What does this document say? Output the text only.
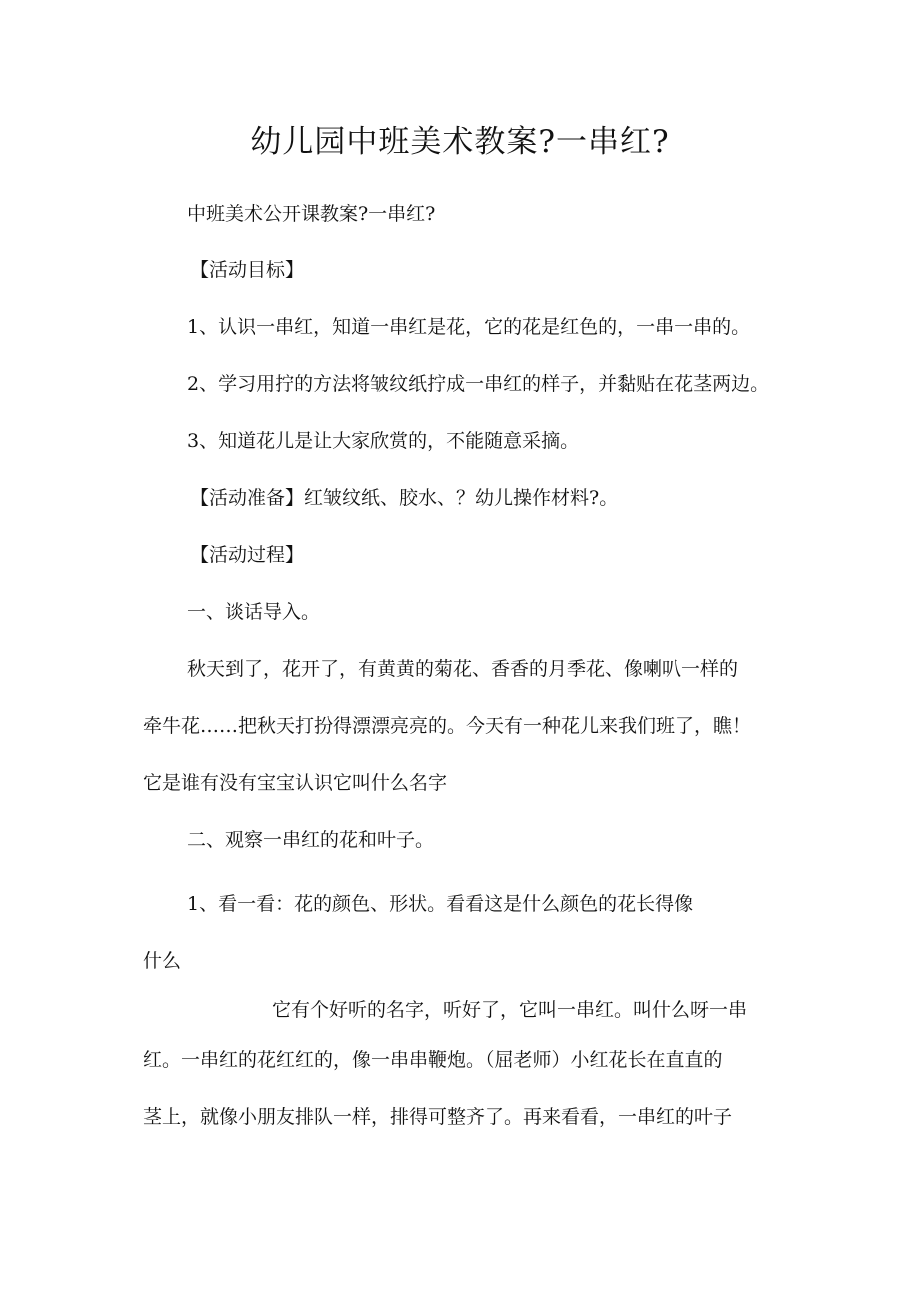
幼儿园中班美术教案?一串红?
中班美术公开课教案?一串红?
【活动目标】
1、认识一串红，知道一串红是花，它的花是红色的，一串一串的。
2、学习用拧的方法将皱纹纸拧成一串红的样子，并黏贴在花茎两边。
3、知道花儿是让大家欣赏的，不能随意采摘。
【活动准备】红皱纹纸、胶水、？幼儿操作材料?。
【活动过程】
一、谈话导入。
秋天到了，花开了，有黄黄的菊花、香香的月季花、像喇叭一样的
牵牛花……把秋天打扮得漂漂亮亮的。今天有一种花儿来我们班了，瞧！
它是谁有没有宝宝认识它叫什么名字
二、观察一串红的花和叶子。
1、看一看：花的颜色、形状。看看这是什么颜色的花长得像
什么
它有个好听的名字，听好了，它叫一串红。叫什么呀一串
红。一串红的花红红的，像一串串鞭炮。（屈老师）小红花长在直直的
茎上，就像小朋友排队一样，排得可整齐了。再来看看，一串红的叶子
